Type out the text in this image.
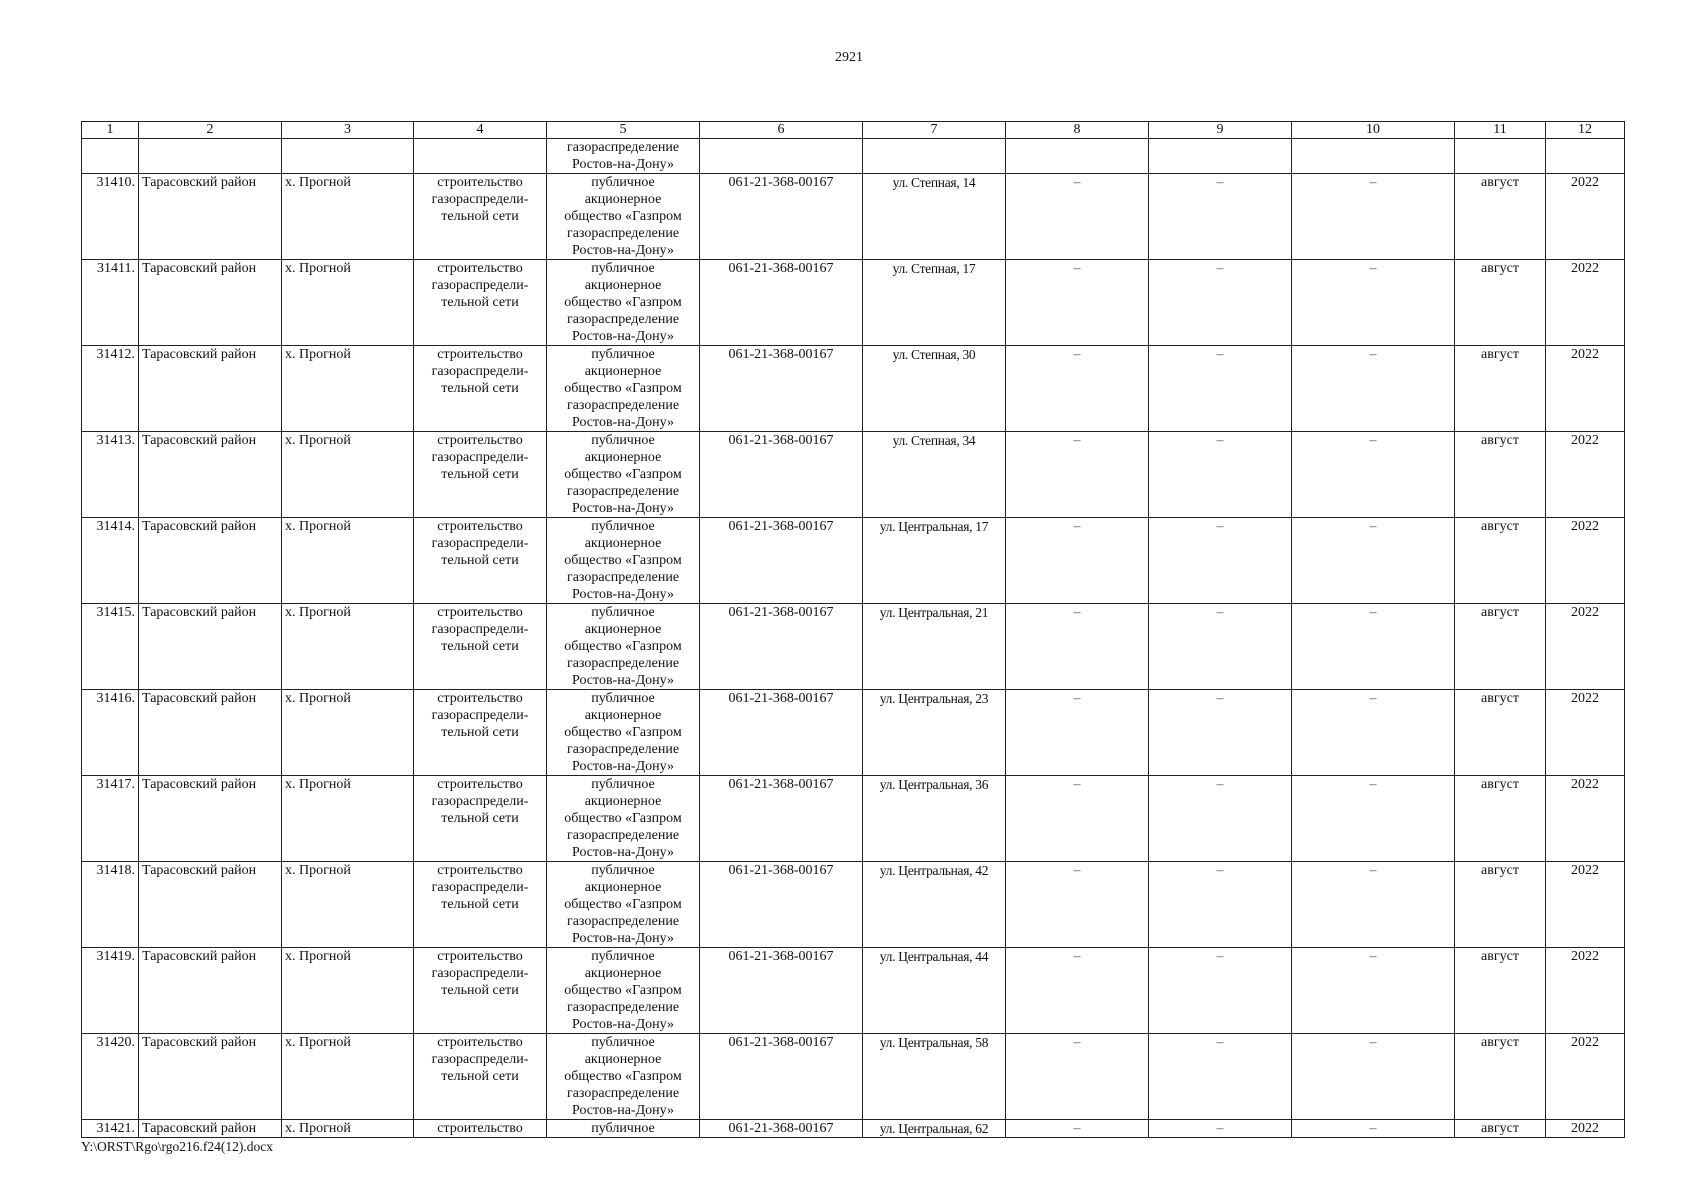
2921
1	2	3	4	5	6	7	8	9	10	11	12
				газораспределение
Ростов-на-Дону»							
31410.	Тарасовский район	х. Прогной	строительство
газораспредели-
тельной сети	публичное
акционерное
общество «Газпром
газораспределение
Ростов-на-Дону»	061-21-368-00167	ул. Степная, 14	–	–	–	август	2022
31411.	Тарасовский район	х. Прогной	строительство
газораспредели-
тельной сети	публичное
акционерное
общество «Газпром
газораспределение
Ростов-на-Дону»	061-21-368-00167	ул. Степная, 17	–	–	–	август	2022
31412.	Тарасовский район	х. Прогной	строительство
газораспредели-
тельной сети	публичное
акционерное
общество «Газпром
газораспределение
Ростов-на-Дону»	061-21-368-00167	ул. Степная, 30	–	–	–	август	2022
31413.	Тарасовский район	х. Прогной	строительство
газораспредели-
тельной сети	публичное
акционерное
общество «Газпром
газораспределение
Ростов-на-Дону»	061-21-368-00167	ул. Степная, 34	–	–	–	август	2022
31414.	Тарасовский район	х. Прогной	строительство
газораспредели-
тельной сети	публичное
акционерное
общество «Газпром
газораспределение
Ростов-на-Дону»	061-21-368-00167	ул. Центральная, 17	–	–	–	август	2022
31415.	Тарасовский район	х. Прогной	строительство
газораспредели-
тельной сети	публичное
акционерное
общество «Газпром
газораспределение
Ростов-на-Дону»	061-21-368-00167	ул. Центральная, 21	–	–	–	август	2022
31416.	Тарасовский район	х. Прогной	строительство
газораспредели-
тельной сети	публичное
акционерное
общество «Газпром
газораспределение
Ростов-на-Дону»	061-21-368-00167	ул. Центральная, 23	–	–	–	август	2022
31417.	Тарасовский район	х. Прогной	строительство
газораспредели-
тельной сети	публичное
акционерное
общество «Газпром
газораспределение
Ростов-на-Дону»	061-21-368-00167	ул. Центральная, 36	–	–	–	август	2022
31418.	Тарасовский район	х. Прогной	строительство
газораспредели-
тельной сети	публичное
акционерное
общество «Газпром
газораспределение
Ростов-на-Дону»	061-21-368-00167	ул. Центральная, 42	–	–	–	август	2022
31419.	Тарасовский район	х. Прогной	строительство
газораспредели-
тельной сети	публичное
акционерное
общество «Газпром
газораспределение
Ростов-на-Дону»	061-21-368-00167	ул. Центральная, 44	–	–	–	август	2022
31420.	Тарасовский район	х. Прогной	строительство
газораспредели-
тельной сети	публичное
акционерное
общество «Газпром
газораспределение
Ростов-на-Дону»	061-21-368-00167	ул. Центральная, 58	–	–	–	август	2022
31421.	Тарасовский район	х. Прогной	строительство	публичное	061-21-368-00167	ул. Центральная, 62	–	–	–	август	2022
Y:\ORST\Rgo\rgo216.f24(12).docx
